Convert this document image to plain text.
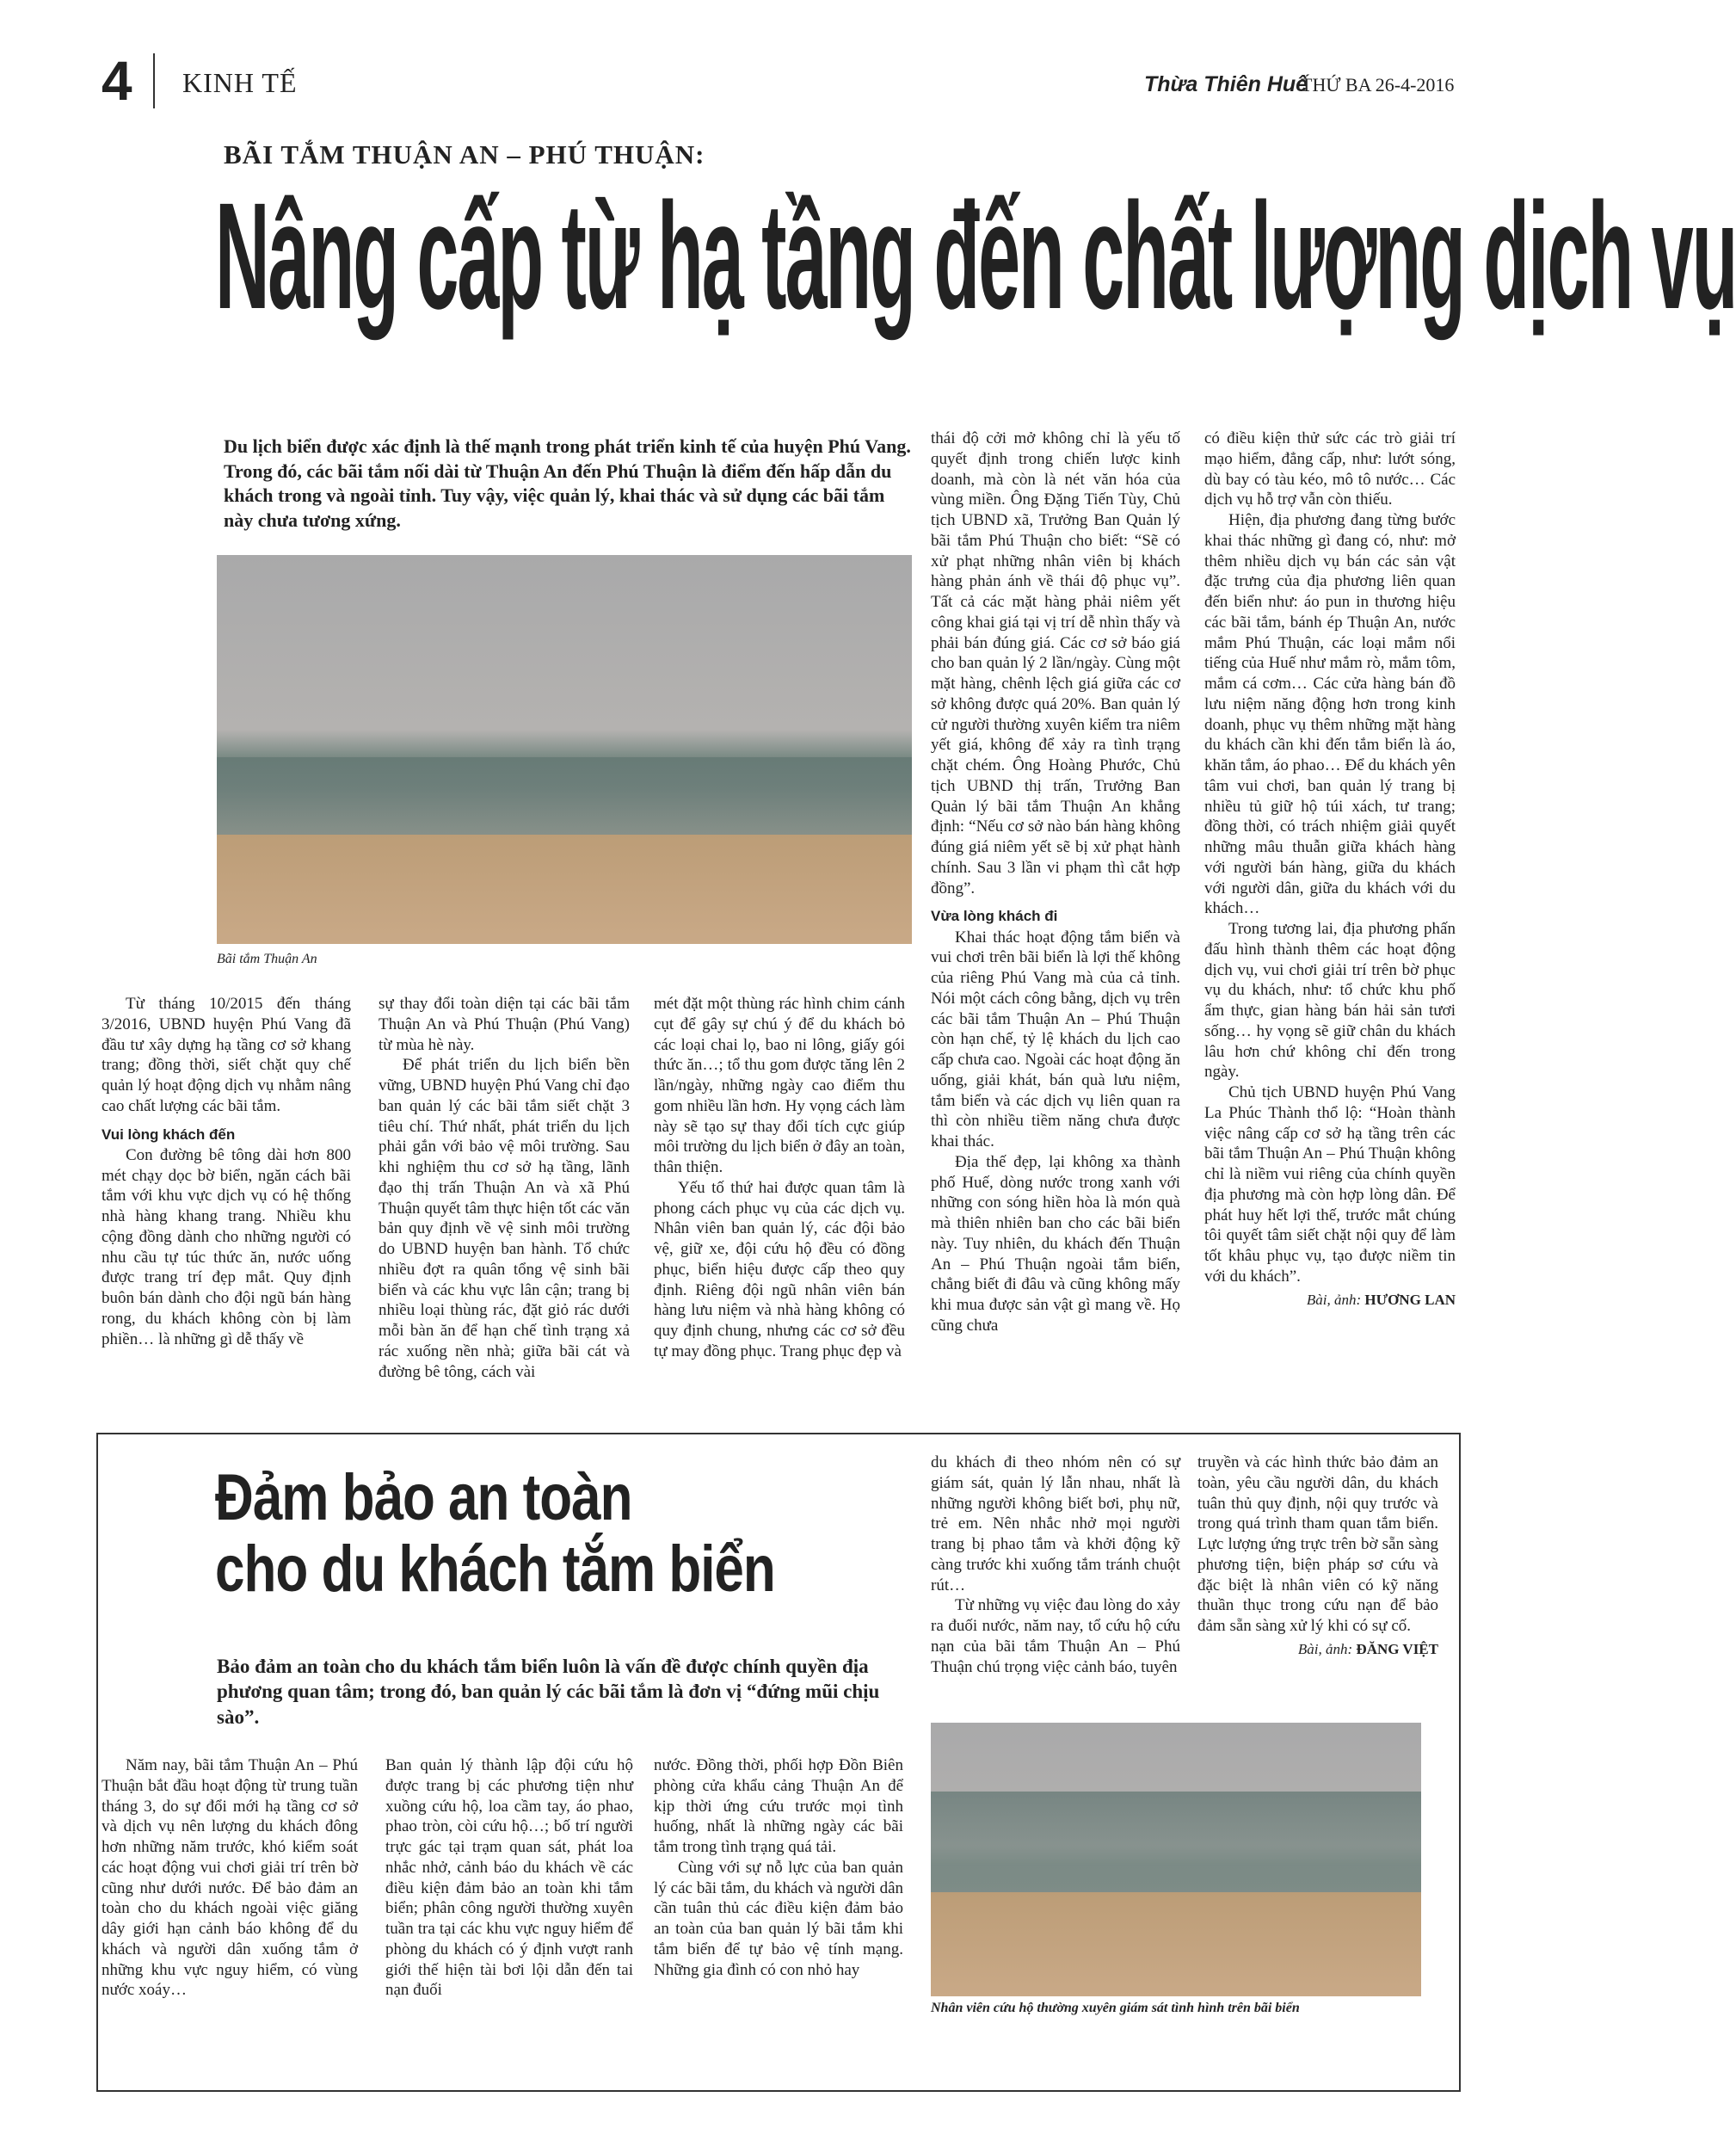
4 KINH TẾ	Thừa Thiên Huế
THỨ BA 26-4-2016
BÃI TẮM THUẬN AN – PHÚ THUẬN:
Nâng cấp từ hạ tầng đến chất lượng dịch vụ
Du lịch biển được xác định là thế mạnh trong phát triển kinh tế của huyện Phú Vang. Trong đó, các bãi tắm nối dài từ Thuận An đến Phú Thuận là điểm đến hấp dẫn du khách trong và ngoài tỉnh. Tuy vậy, việc quản lý, khai thác và sử dụng các bãi tắm này chưa tương xứng.
Bãi tắm Thuận An

Từ tháng 10/2015 đến tháng 3/2016, UBND huyện Phú Vang đã đầu tư xây dựng hạ tầng cơ sở khang trang; đồng thời, siết chặt quy chế quản lý hoạt động dịch vụ nhằm nâng cao chất lượng các bãi tắm.

Vui lòng khách đến

Con đường bê tông dài hơn 800 mét chạy dọc bờ biển, ngăn cách bãi tắm với khu vực dịch vụ có hệ thống nhà hàng khang trang. Nhiều khu cộng đồng dành cho những người có nhu cầu tự túc thức ăn, nước uống được trang trí đẹp mắt. Quy định buôn bán dành cho đội ngũ bán hàng rong, du khách không còn bị làm phiền… là những gì dễ thấy về

sự thay đổi toàn diện tại các bãi tắm Thuận An và Phú Thuận (Phú Vang) từ mùa hè này.

Để phát triển du lịch biển bền vững, UBND huyện Phú Vang chỉ đạo ban quản lý các bãi tắm siết chặt 3 tiêu chí. Thứ nhất, phát triển du lịch phải gắn với bảo vệ môi trường. Sau khi nghiệm thu cơ sở hạ tầng, lãnh đạo thị trấn Thuận An và xã Phú Thuận quyết tâm thực hiện tốt các văn bản quy định về vệ sinh môi trường do UBND huyện ban hành. Tổ chức nhiều đợt ra quân tổng vệ sinh bãi biển và các khu vực lân cận; trang bị nhiều loại thùng rác, đặt giỏ rác dưới mỗi bàn ăn để hạn chế tình trạng xả rác xuống nền nhà; giữa bãi cát và đường bê tông, cách vài

mét đặt một thùng rác hình chim cánh cụt để gây sự chú ý để du khách bỏ các loại chai lọ, bao ni lông, giấy gói thức ăn…; tổ thu gom được tăng lên 2 lần/ngày, những ngày cao điểm thu gom nhiều lần hơn. Hy vọng cách làm này sẽ tạo sự thay đổi tích cực giúp môi trường du lịch biển ở đây an toàn, thân thiện.

Yếu tố thứ hai được quan tâm là phong cách phục vụ của các dịch vụ. Nhân viên ban quản lý, các đội bảo vệ, giữ xe, đội cứu hộ đều có đồng phục, biển hiệu được cấp theo quy định. Riêng đội ngũ nhân viên bán hàng lưu niệm và nhà hàng không có quy định chung, nhưng các cơ sở đều tự may đồng phục. Trang phục đẹp và

thái độ cởi mở không chỉ là yếu tố quyết định trong chiến lược kinh doanh, mà còn là nét văn hóa của vùng miền. Ông Đặng Tiến Tùy, Chủ tịch UBND xã, Trưởng Ban Quản lý bãi tắm Phú Thuận cho biết: “Sẽ có xử phạt những nhân viên bị khách hàng phản ánh về thái độ phục vụ”. Tất cả các mặt hàng phải niêm yết công khai giá tại vị trí dễ nhìn thấy và phải bán đúng giá. Các cơ sở báo giá cho ban quản lý 2 lần/ngày. Cùng một mặt hàng, chênh lệch giá giữa các cơ sở không được quá 20%. Ban quản lý cử người thường xuyên kiểm tra niêm yết giá, không để xảy ra tình trạng chặt chém. Ông Hoàng Phước, Chủ tịch UBND thị trấn, Trưởng Ban Quản lý bãi tắm Thuận An khẳng định: “Nếu cơ sở nào bán hàng không đúng giá niêm yết sẽ bị xử phạt hành chính. Sau 3 lần vi phạm thì cắt hợp đồng”.

Vừa lòng khách đi

Khai thác hoạt động tắm biển và vui chơi trên bãi biển là lợi thế không của riêng Phú Vang mà của cả tỉnh. Nói một cách công bằng, dịch vụ trên các bãi tắm Thuận An – Phú Thuận còn hạn chế, tỷ lệ khách du lịch cao cấp chưa cao. Ngoài các hoạt động ăn uống, giải khát, bán quà lưu niệm, tắm biển và các dịch vụ liên quan ra thì còn nhiều tiềm năng chưa được khai thác.

Địa thế đẹp, lại không xa thành phố Huế, dòng nước trong xanh với những con sóng hiền hòa là món quà mà thiên nhiên ban cho các bãi biển này. Tuy nhiên, du khách đến Thuận An – Phú Thuận ngoài tắm biển, chẳng biết đi đâu và cũng không mấy khi mua được sản vật gì mang về. Họ cũng chưa

có điều kiện thử sức các trò giải trí mạo hiểm, đẳng cấp, như: lướt sóng, dù bay có tàu kéo, mô tô nước… Các dịch vụ hỗ trợ vẫn còn thiếu.

Hiện, địa phương đang từng bước khai thác những gì đang có, như: mở thêm nhiều dịch vụ bán các sản vật đặc trưng của địa phương liên quan đến biển như: áo pun in thương hiệu các bãi tắm, bánh ép Thuận An, nước mắm Phú Thuận, các loại mắm nổi tiếng của Huế như mắm rò, mắm tôm, mắm cá cơm… Các cửa hàng bán đồ lưu niệm năng động hơn trong kinh doanh, phục vụ thêm những mặt hàng du khách cần khi đến tắm biển là áo, khăn tắm, áo phao… Để du khách yên tâm vui chơi, ban quản lý trang bị nhiều tủ giữ hộ túi xách, tư trang; đồng thời, có trách nhiệm giải quyết những mâu thuẫn giữa khách hàng với người bán hàng, giữa du khách với người dân, giữa du khách với du khách…

Trong tương lai, địa phương phấn đấu hình thành thêm các hoạt động dịch vụ, vui chơi giải trí trên bờ phục vụ du khách, như: tổ chức khu phố ẩm thực, gian hàng bán hải sản tươi sống… hy vọng sẽ giữ chân du khách lâu hơn chứ không chỉ đến trong ngày.

Chủ tịch UBND huyện Phú Vang La Phúc Thành thổ lộ: “Hoàn thành việc nâng cấp cơ sở hạ tầng trên các bãi tắm Thuận An – Phú Thuận không chỉ là niềm vui riêng của chính quyền địa phương mà còn hợp lòng dân. Để phát huy hết lợi thế, trước mắt chúng tôi quyết tâm siết chặt nội quy để làm tốt khâu phục vụ, tạo được niềm tin với du khách”.

Bài, ảnh: HƯƠNG LAN
Đảm bảo an toàn
cho du khách tắm biển
Bảo đảm an toàn cho du khách tắm biển luôn là vấn đề được chính quyền địa phương quan tâm; trong đó, ban quản lý các bãi tắm là đơn vị “đứng mũi chịu sào”.

Năm nay, bãi tắm Thuận An – Phú Thuận bắt đầu hoạt động từ trung tuần tháng 3, do sự đổi mới hạ tầng cơ sở và dịch vụ nên lượng du khách đông hơn những năm trước, khó kiểm soát các hoạt động vui chơi giải trí trên bờ cũng như dưới nước. Để bảo đảm an toàn cho du khách ngoài việc giăng dây giới hạn cảnh báo không để du khách và người dân xuống tắm ở những khu vực nguy hiểm, có vùng nước xoáy…

Ban quản lý thành lập đội cứu hộ được trang bị các phương tiện như xuồng cứu hộ, loa cầm tay, áo phao, phao tròn, còi cứu hộ…; bố trí người trực gác tại trạm quan sát, phát loa nhắc nhở, cảnh báo du khách về các điều kiện đảm bảo an toàn khi tắm biển; phân công người thường xuyên tuần tra tại các khu vực nguy hiểm để phòng du khách có ý định vượt ranh giới thế hiện tài bơi lội dẫn đến tai nạn đuối

nước. Đồng thời, phối hợp Đồn Biên phòng cửa khẩu cảng Thuận An để kịp thời ứng cứu trước mọi tình huống, nhất là những ngày các bãi tắm trong tình trạng quá tải.

Cùng với sự nỗ lực của ban quản lý các bãi tắm, du khách và người dân cần tuân thủ các điều kiện đảm bảo an toàn của ban quản lý bãi tắm khi tắm biển để tự bảo vệ tính mạng. Những gia đình có con nhỏ hay

du khách đi theo nhóm nên có sự giám sát, quản lý lẫn nhau, nhất là những người không biết bơi, phụ nữ, trẻ em. Nên nhắc nhở mọi người trang bị phao tắm và khởi động kỹ càng trước khi xuống tắm tránh chuột rút…

Từ những vụ việc đau lòng do xảy ra đuối nước, năm nay, tổ cứu hộ cứu nạn của bãi tắm Thuận An – Phú Thuận chú trọng việc cảnh báo, tuyên

truyền và các hình thức bảo đảm an toàn, yêu cầu người dân, du khách tuân thủ quy định, nội quy trước và trong quá trình tham quan tắm biển. Lực lượng ứng trực trên bờ sẵn sàng phương tiện, biện pháp sơ cứu và đặc biệt là nhân viên có kỹ năng thuần thục trong cứu nạn để bảo đảm sẵn sàng xử lý khi có sự cố.

Bài, ảnh: ĐĂNG VIỆT
Nhân viên cứu hộ thường xuyên giám sát tình hình trên bãi biển
